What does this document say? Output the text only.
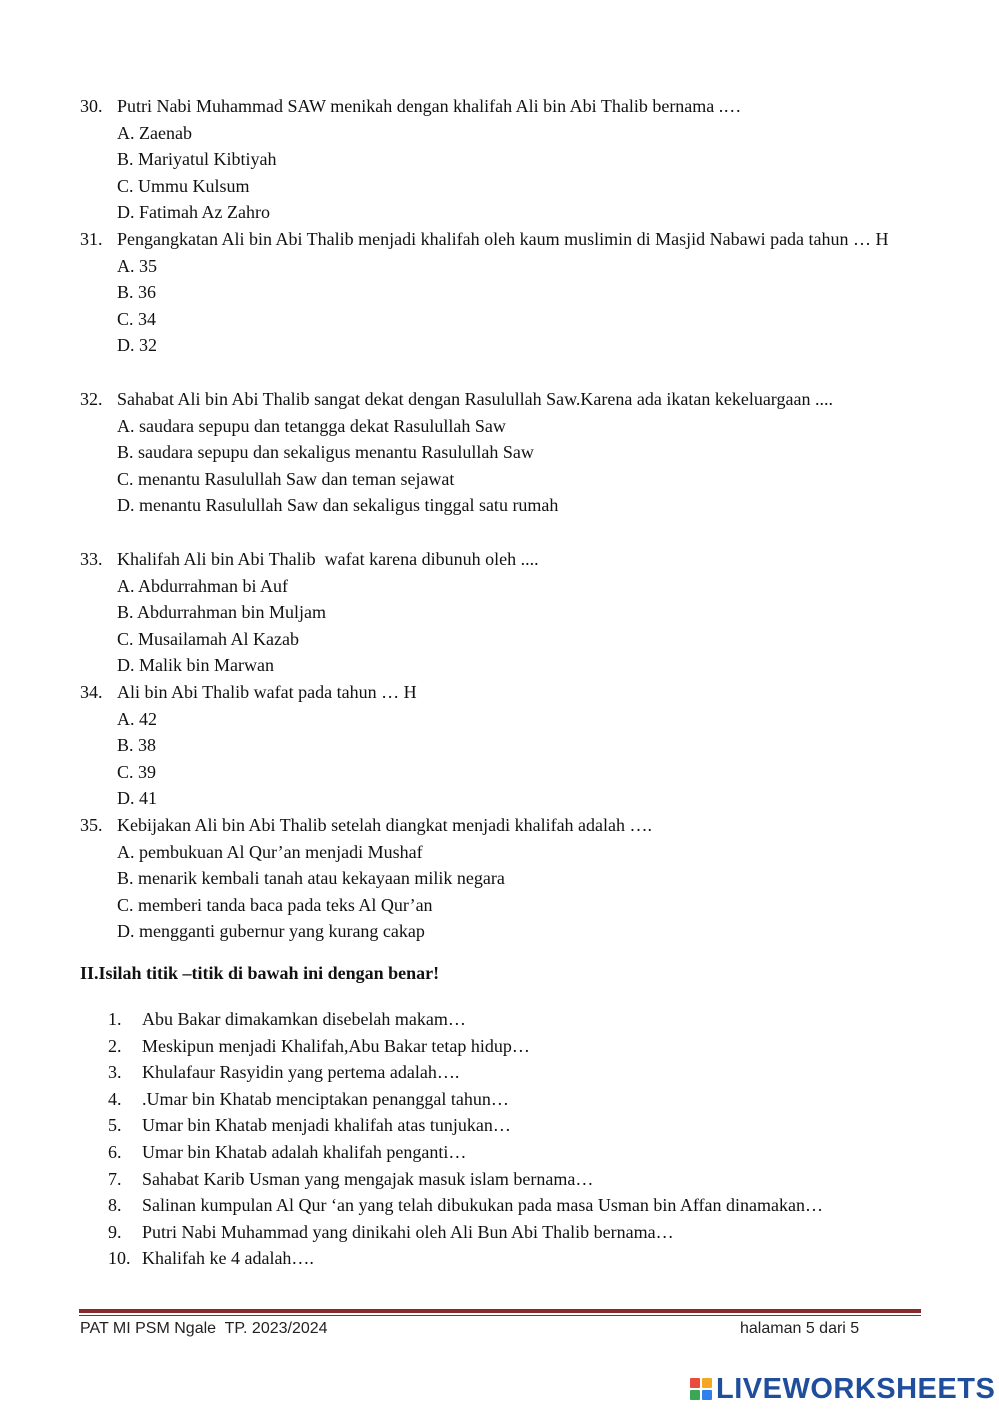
30. Putri Nabi Muhammad SAW menikah dengan khalifah Ali bin Abi Thalib bernama .…
A. Zaenab
B. Mariyatul Kibtiyah
C. Ummu Kulsum
D. Fatimah Az Zahro
31. Pengangkatan Ali bin Abi Thalib menjadi khalifah oleh kaum muslimin di Masjid Nabawi pada tahun … H
A. 35
B. 36
C. 34
D. 32
32. Sahabat Ali bin Abi Thalib sangat dekat dengan Rasulullah Saw.Karena ada ikatan kekeluargaan ....
A. saudara sepupu dan tetangga dekat Rasulullah Saw
B. saudara sepupu dan sekaligus menantu Rasulullah Saw
C. menantu Rasulullah Saw dan teman sejawat
D. menantu Rasulullah Saw dan sekaligus tinggal satu rumah
33. Khalifah Ali bin Abi Thalib  wafat karena dibunuh oleh ....
A. Abdurrahman bi Auf
B. Abdurrahman bin Muljam
C. Musailamah Al Kazab
D. Malik bin Marwan
34. Ali bin Abi Thalib wafat pada tahun … H
A. 42
B. 38
C. 39
D. 41
35. Kebijakan Ali bin Abi Thalib setelah diangkat menjadi khalifah adalah ….
A. pembukuan Al Qur’an menjadi Mushaf
B. menarik kembali tanah atau kekayaan milik negara
C. memberi tanda baca pada teks Al Qur’an
D. mengganti gubernur yang kurang cakap
II.Isilah titik –titik di bawah ini dengan benar!
1. Abu Bakar dimakamkan disebelah makam…
2. Meskipun menjadi Khalifah,Abu Bakar tetap hidup…
3. Khulafaur Rasyidin yang pertema adalah….
4. .Umar bin Khatab menciptakan penanggal tahun…
5. Umar bin Khatab menjadi khalifah atas tunjukan…
6. Umar bin Khatab adalah khalifah penganti…
7. Sahabat Karib Usman yang mengajak masuk islam bernama…
8. Salinan kumpulan Al Qur ‘an yang telah dibukukan pada masa Usman bin Affan dinamakan…
9. Putri Nabi Muhammad yang dinikahi oleh Ali Bun Abi Thalib bernama…
10. Khalifah ke 4 adalah….
PAT MI PSM Ngale  TP. 2023/2024	halaman 5 dari 5
LIVEWORKSHEETS
